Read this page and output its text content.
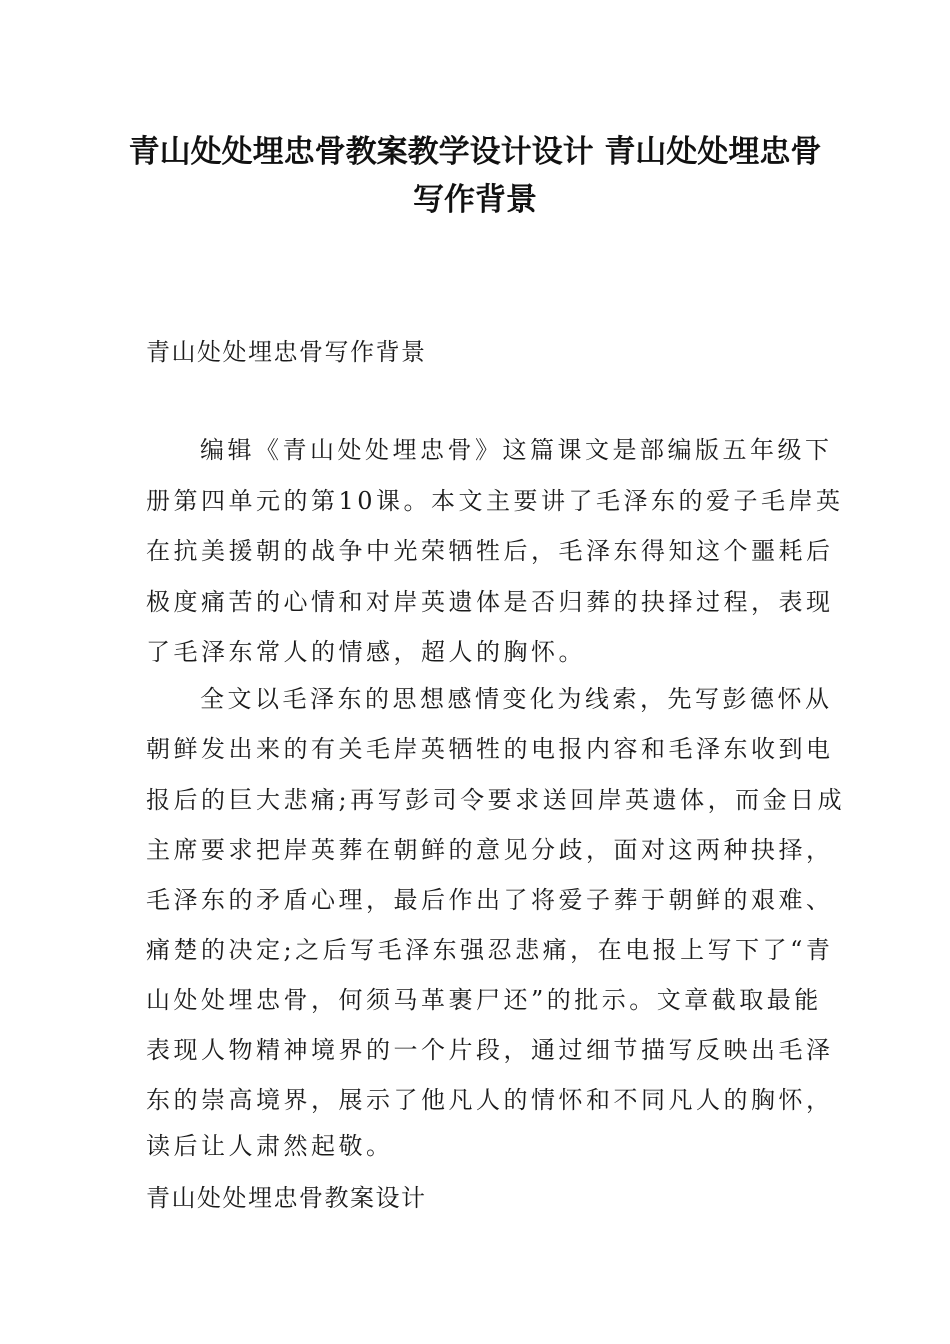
青山处处埋忠骨教案教学设计设计 青山处处埋忠骨
写作背景

青山处处埋忠骨写作背景

编辑《青山处处埋忠骨》这篇课文是部编版五年级下

册第四单元的第10课。本文主要讲了毛泽东的爱子毛岸英

在抗美援朝的战争中光荣牺牲后，毛泽东得知这个噩耗后

极度痛苦的心情和对岸英遗体是否归葬的抉择过程，表现

了毛泽东常人的情感，超人的胸怀。

全文以毛泽东的思想感情变化为线索，先写彭德怀从

朝鲜发出来的有关毛岸英牺牲的电报内容和毛泽东收到电

报后的巨大悲痛;再写彭司令要求送回岸英遗体，而金日成

主席要求把岸英葬在朝鲜的意见分歧，面对这两种抉择，

毛泽东的矛盾心理，最后作出了将爱子葬于朝鲜的艰难、

痛楚的决定;之后写毛泽东强忍悲痛，在电报上写下了“青

山处处埋忠骨，何须马革裹尸还”的批示。文章截取最能

表现人物精神境界的一个片段，通过细节描写反映出毛泽

东的崇高境界，展示了他凡人的情怀和不同凡人的胸怀，

读后让人肃然起敬。

青山处处埋忠骨教案设计
